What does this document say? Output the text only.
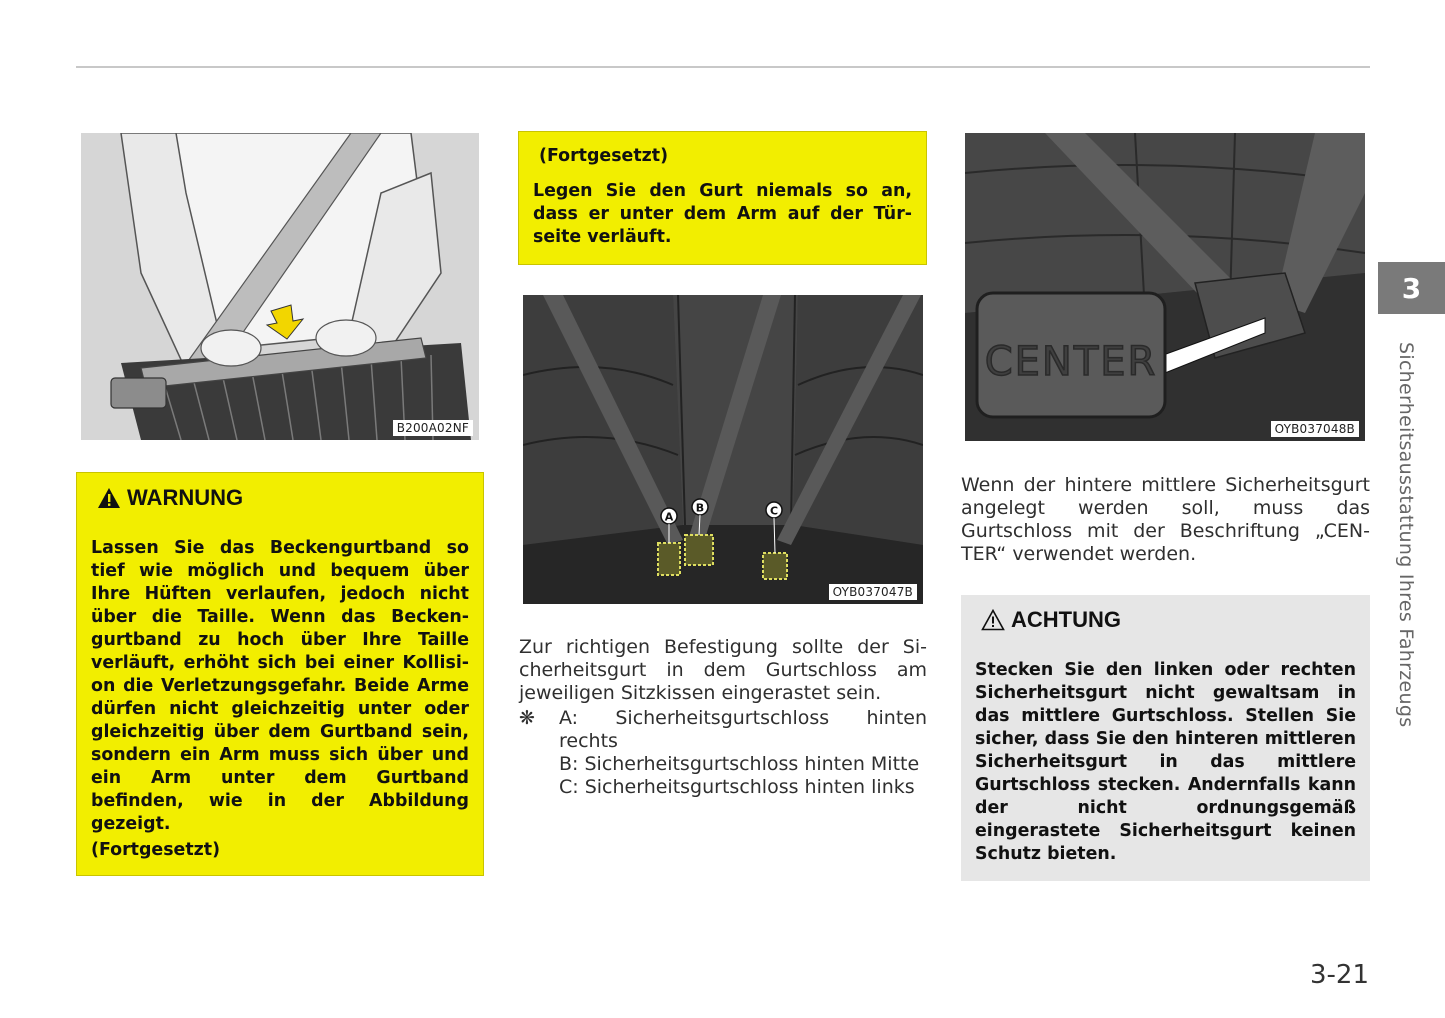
B200A02NF
WARNUNG
Lassen Sie das Beckengurtband so tief wie möglich und bequem über Ihre Hüften verlaufen, jedoch nicht über die Taille. Wenn das Beckengurtband zu hoch über Ihre Taille verläuft, erhöht sich bei einer Kollision die Verletzungsgefahr. Beide Arme dürfen nicht gleichzeitig unter oder gleichzeitig über dem Gurtband sein, sondern ein Arm muss sich über und ein Arm unter dem Gurtband befinden, wie in der Abbildung gezeigt.
(Fortgesetzt)
(Fortgesetzt)
Legen Sie den Gurt niemals so an, dass er unter dem Arm auf der Türseite verläuft.
A
B	C
OYB037047B
Zur richtigen Befestigung sollte der Sicherheitsgurt in dem Gurtschloss am jeweiligen Sitzkissen eingerastet sein.
❋	A: Sicherheitsgurtschloss hinten rechts
B: Sicherheitsgurtschloss hinten Mitte
C: Sicherheitsgurtschloss hinten links
CENTER
OYB037048B
Wenn der hintere mittlere Sicherheitsgurt angelegt werden soll, muss das Gurtschloss mit der Beschriftung „CENTER“ verwendet werden.
ACHTUNG
Stecken Sie den linken oder rechten Sicherheitsgurt nicht gewaltsam in das mittlere Gurtschloss. Stellen Sie sicher, dass Sie den hinteren mittleren Sicherheitsgurt in das mittlere Gurtschloss stecken. Andernfalls kann der nicht ordnungsgemäß eingerastete Sicherheitsgurt keinen Schutz bieten.
3
Sicherheitsausstattung Ihres Fahrzeugs
3-21
